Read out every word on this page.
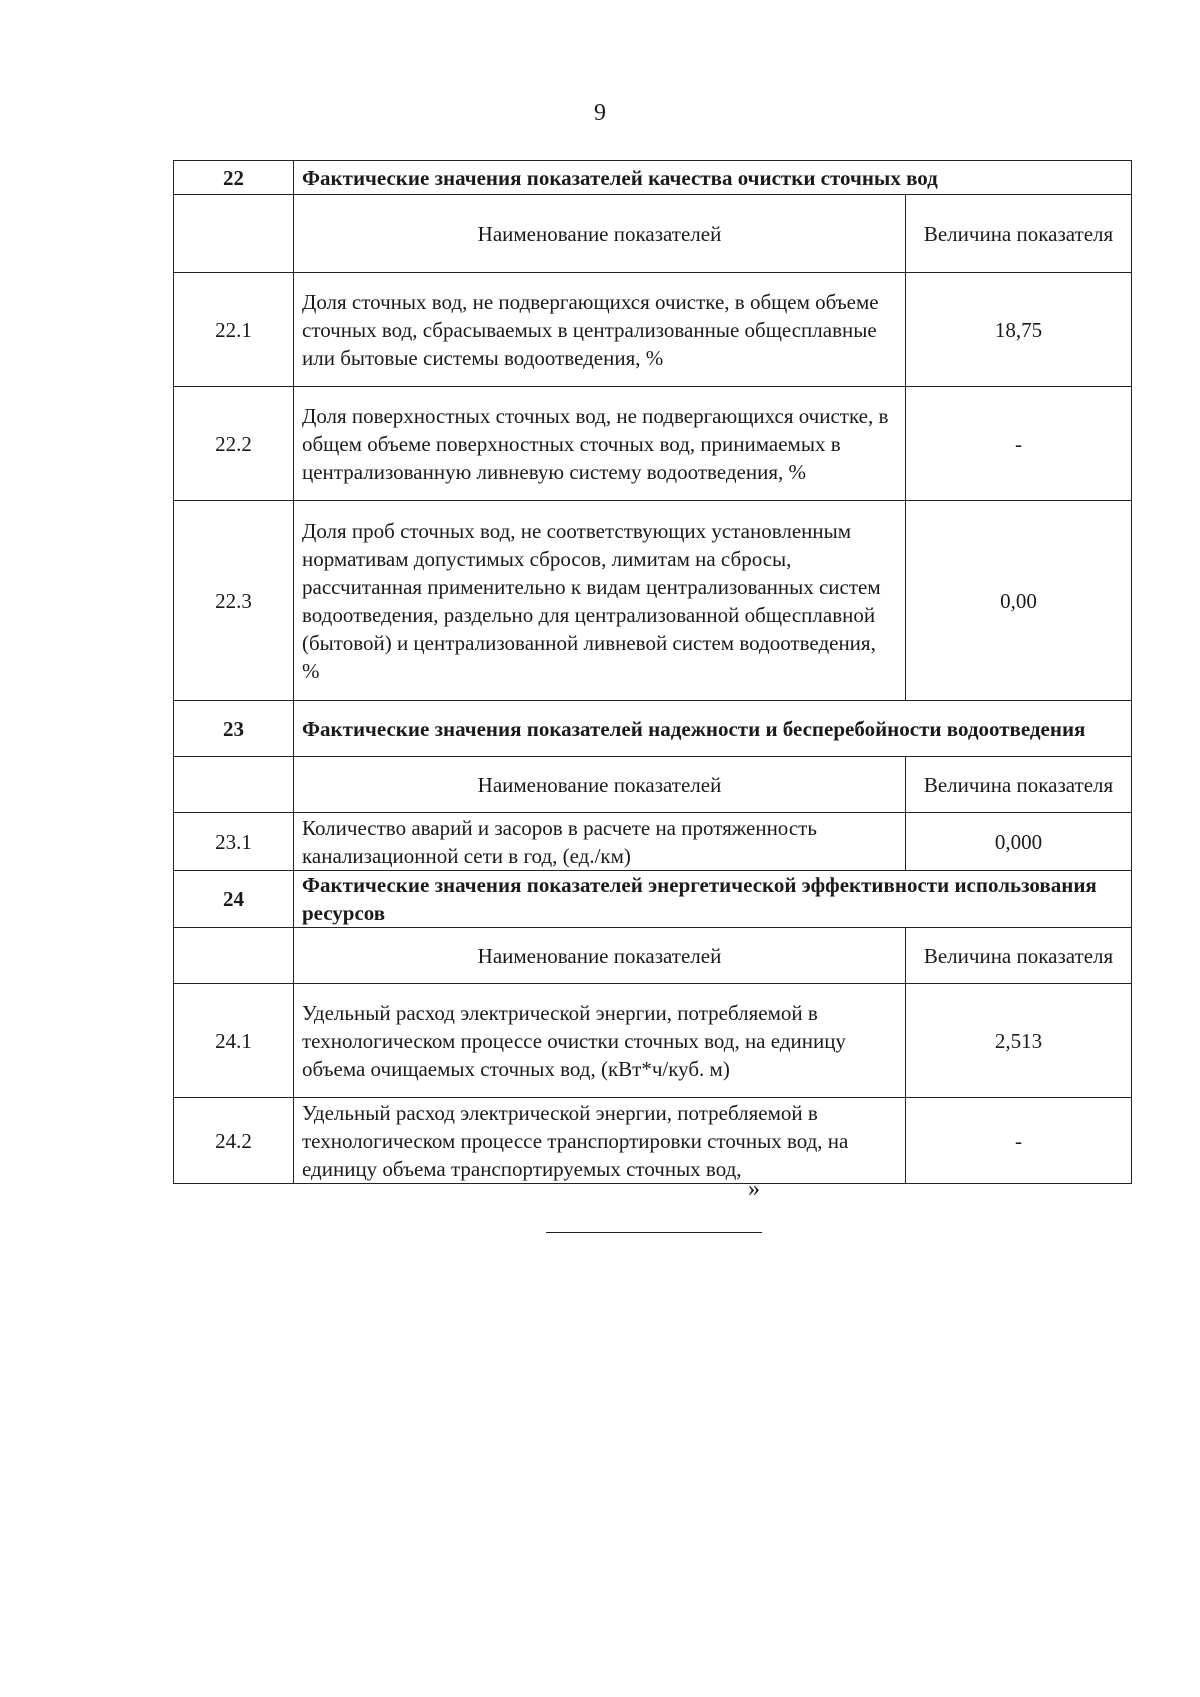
9
22	Фактические значения показателей качества очистки сточных вод	
	Наименование показателей	Величина показателя
22.1	Доля сточных вод, не подвергающихся очистке, в общем объеме сточных вод, сбрасываемых в централизованные общесплавные или бытовые системы водоотведения, %	18,75
22.2	Доля поверхностных сточных вод, не подвергающихся очистке, в общем объеме поверхностных сточных вод, принимаемых в централизованную ливневую систему водоотведения, %	-
22.3	Доля проб сточных вод, не соответствующих установленным нормативам допустимых сбросов, лимитам на сбросы, рассчитанная применительно к видам централизованных систем водоотведения, раздельно для централизованной общесплавной (бытовой) и централизованной ливневой систем водоотведения, %	0,00
23	Фактические значения показателей надежности и бесперебойности водоотведения	
	Наименование показателей	Величина показателя
23.1	Количество аварий и засоров в расчете на протяженность канализационной сети в год, (ед./км)	0,000
24	Фактические значения показателей энергетической эффективности использования ресурсов	
	Наименование показателей	Величина показателя
24.1	Удельный расход электрической энергии, потребляемой в технологическом процессе очистки сточных вод, на единицу объема очищаемых сточных вод, (кВт*ч/куб. м)	2,513
24.2	Удельный расход электрической энергии, потребляемой в технологическом процессе транспортировки сточных вод, на единицу объема транспортируемых сточных вод,	-
»
